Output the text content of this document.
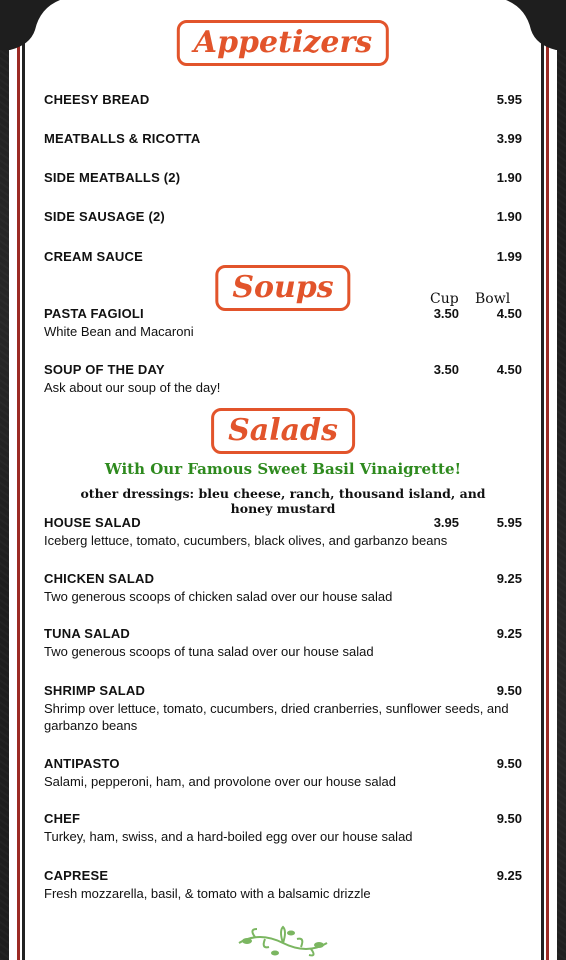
Appetizers
CHEESY BREAD	5.95
MEATBALLS & RICOTTA	3.99
SIDE MEATBALLS (2)	1.90
SIDE SAUSAGE (2)	1.90
CREAM SAUCE	1.99
Soups	Cup Bowl
PASTA FAGIOLI	3.50	4.50
White Bean and Macaroni
SOUP OF THE DAY	3.50	4.50
Ask about our soup of the day!
Salads
With Our Famous Sweet Basil Vinaigrette!
other dressings: bleu cheese, ranch, thousand island, and honey mustard
HOUSE SALAD	3.95	5.95
Iceberg lettuce, tomato, cucumbers, black olives, and garbanzo beans
CHICKEN SALAD	9.25
Two generous scoops of chicken salad over our house salad
TUNA SALAD	9.25
Two generous scoops of tuna salad over our house salad
SHRIMP SALAD	9.50
Shrimp over lettuce, tomato, cucumbers, dried cranberries, sunflower seeds, and garbanzo beans
ANTIPASTO	9.50
Salami, pepperoni, ham, and provolone over our house salad
CHEF	9.50
Turkey, ham, swiss, and a hard-boiled egg over our house salad
CAPRESE	9.25
Fresh mozzarella, basil, & tomato with a balsamic drizzle
